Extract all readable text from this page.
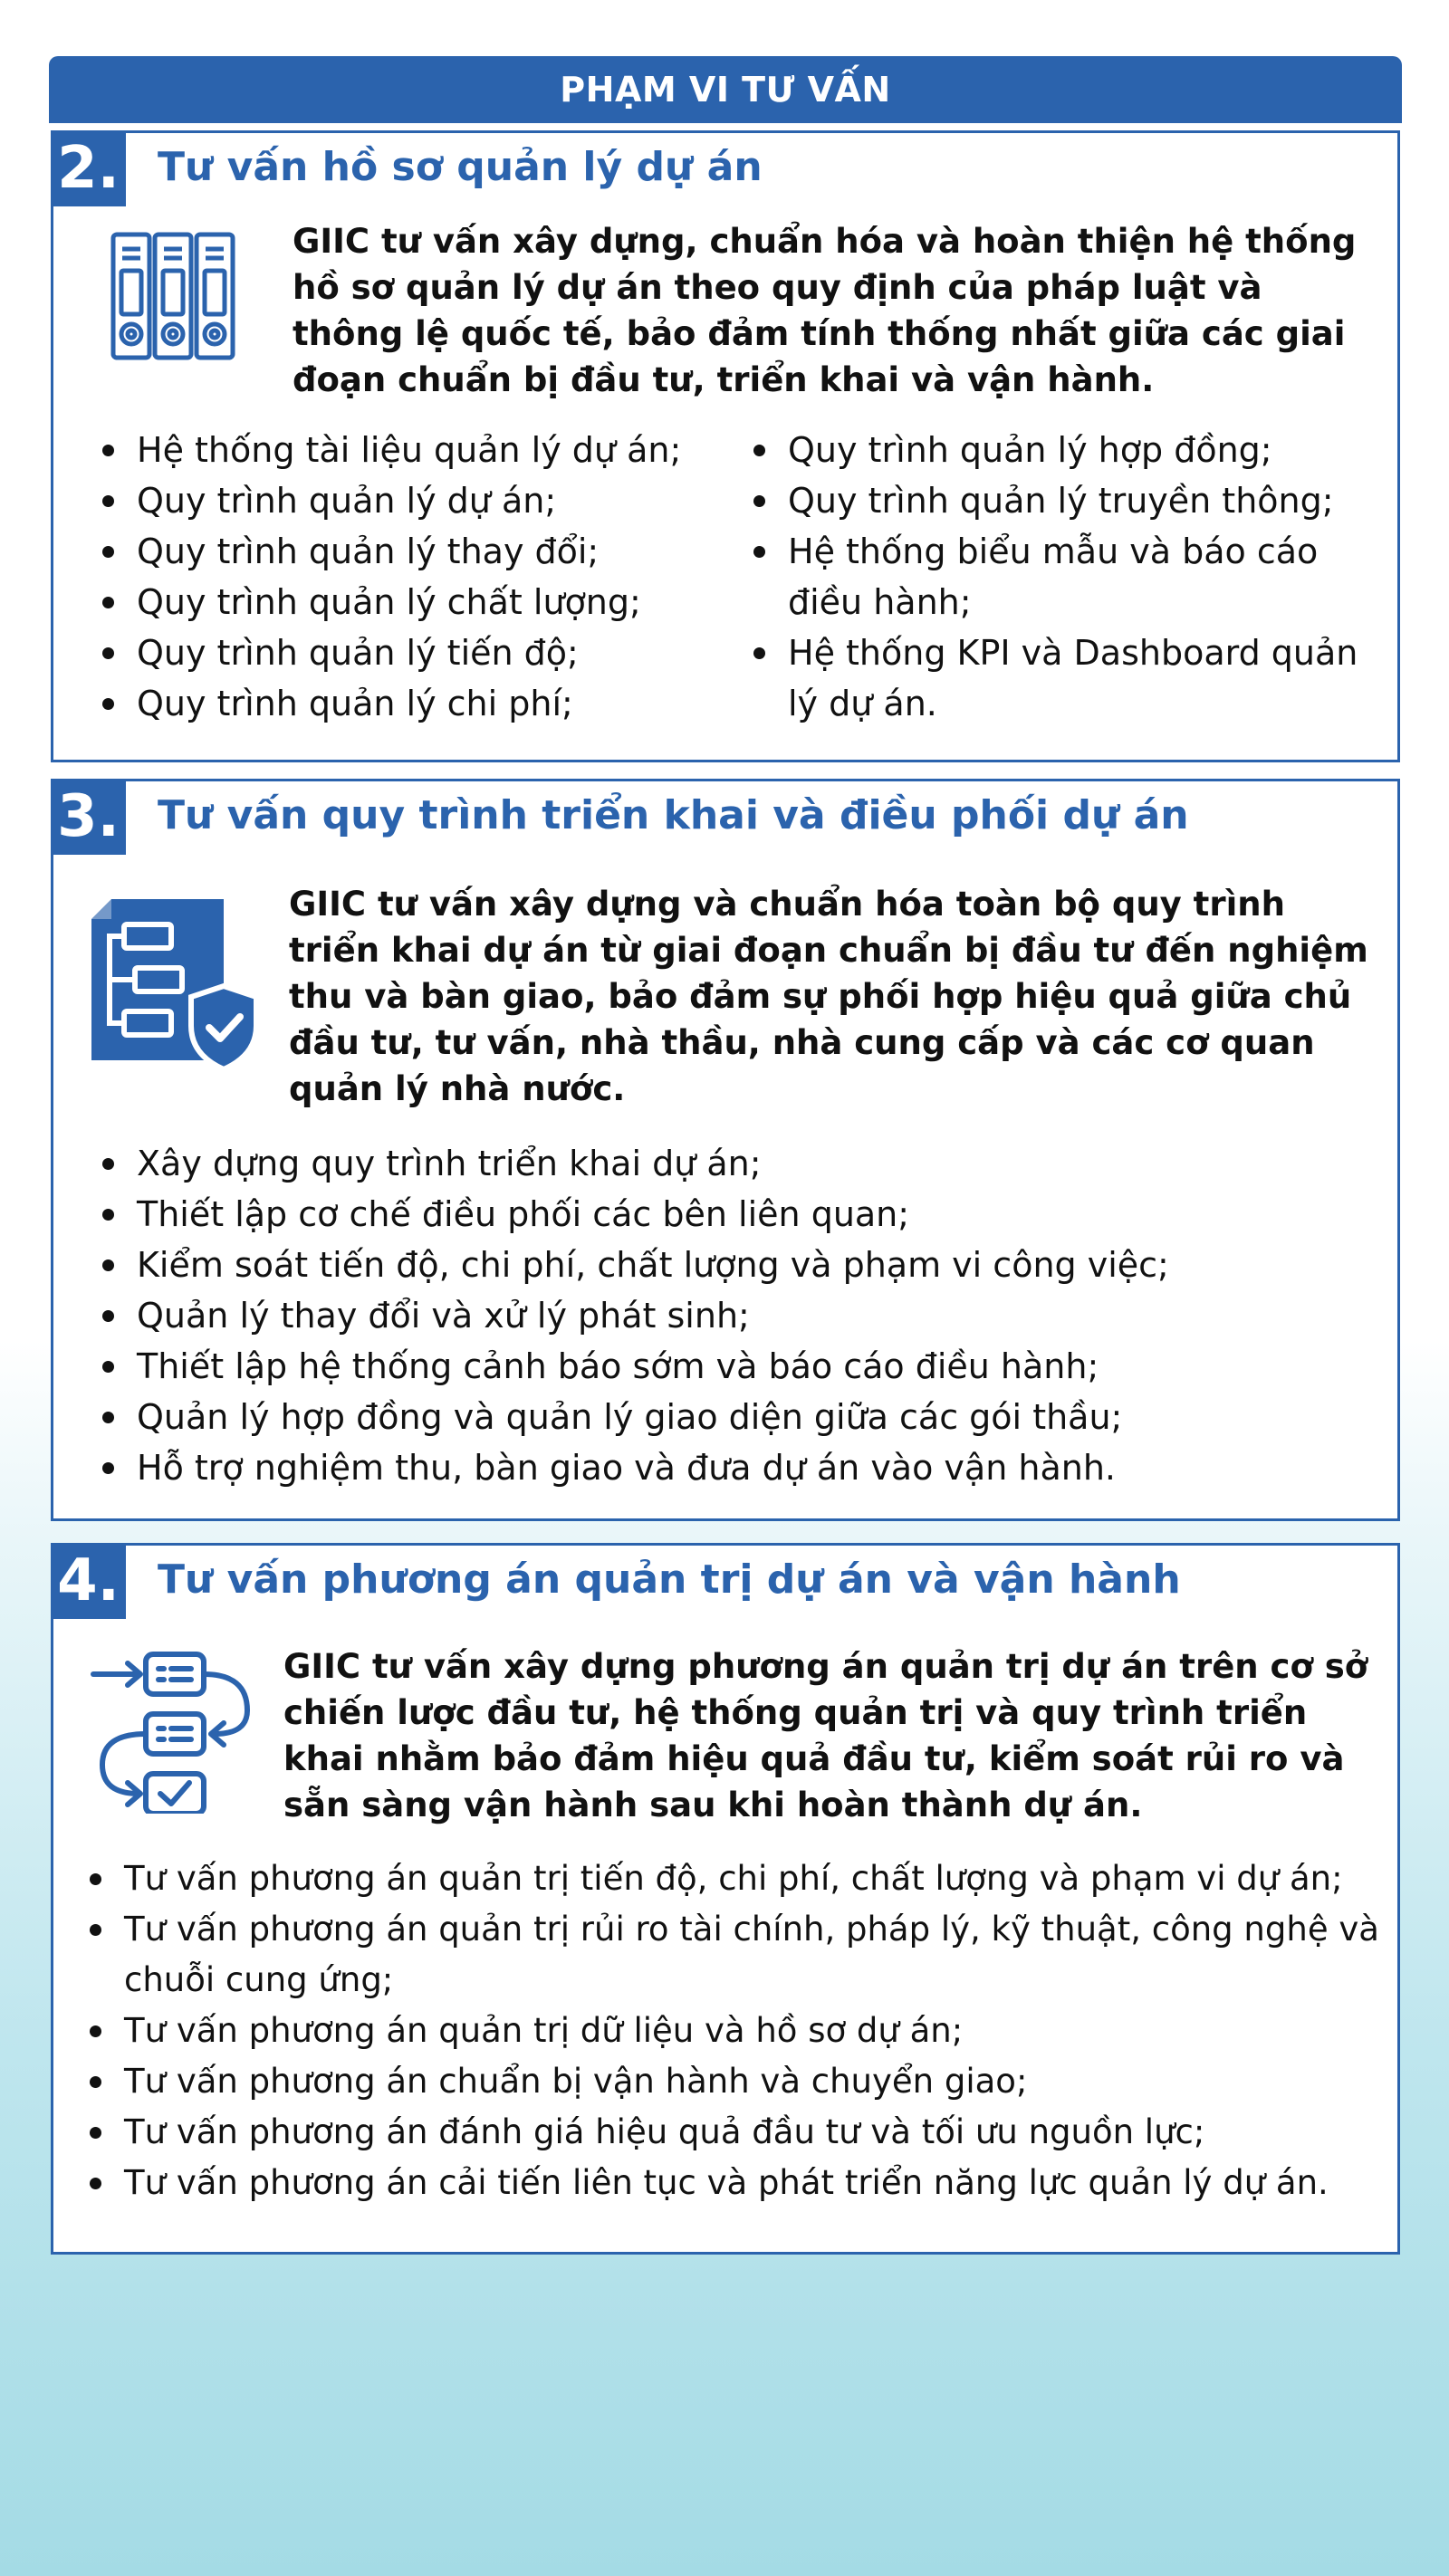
PHẠM VI TƯ VẤN
2. Tư vấn hồ sơ quản lý dự án
GIIC tư vấn xây dựng, chuẩn hóa và hoàn thiện hệ thống hồ sơ quản lý dự án theo quy định của pháp luật và thông lệ quốc tế, bảo đảm tính thống nhất giữa các giai đoạn chuẩn bị đầu tư, triển khai và vận hành.
Hệ thống tài liệu quản lý dự án;
Quy trình quản lý dự án;
Quy trình quản lý thay đổi;
Quy trình quản lý chất lượng;
Quy trình quản lý tiến độ;
Quy trình quản lý chi phí;
Quy trình quản lý hợp đồng;
Quy trình quản lý truyền thông;
Hệ thống biểu mẫu và báo cáo điều hành;
Hệ thống KPI và Dashboard quản lý dự án.
3. Tư vấn quy trình triển khai và điều phối dự án
GIIC tư vấn xây dựng và chuẩn hóa toàn bộ quy trình triển khai dự án từ giai đoạn chuẩn bị đầu tư đến nghiệm thu và bàn giao, bảo đảm sự phối hợp hiệu quả giữa chủ đầu tư, tư vấn, nhà thầu, nhà cung cấp và các cơ quan quản lý nhà nước.
Xây dựng quy trình triển khai dự án;
Thiết lập cơ chế điều phối các bên liên quan;
Kiểm soát tiến độ, chi phí, chất lượng và phạm vi công việc;
Quản lý thay đổi và xử lý phát sinh;
Thiết lập hệ thống cảnh báo sớm và báo cáo điều hành;
Quản lý hợp đồng và quản lý giao diện giữa các gói thầu;
Hỗ trợ nghiệm thu, bàn giao và đưa dự án vào vận hành.
4. Tư vấn phương án quản trị dự án và vận hành
GIIC tư vấn xây dựng phương án quản trị dự án trên cơ sở chiến lược đầu tư, hệ thống quản trị và quy trình triển khai nhằm bảo đảm hiệu quả đầu tư, kiểm soát rủi ro và sẵn sàng vận hành sau khi hoàn thành dự án.
Tư vấn phương án quản trị tiến độ, chi phí, chất lượng và phạm vi dự án;
Tư vấn phương án quản trị rủi ro tài chính, pháp lý, kỹ thuật, công nghệ và chuỗi cung ứng;
Tư vấn phương án quản trị dữ liệu và hồ sơ dự án;
Tư vấn phương án chuẩn bị vận hành và chuyển giao;
Tư vấn phương án đánh giá hiệu quả đầu tư và tối ưu nguồn lực;
Tư vấn phương án cải tiến liên tục và phát triển năng lực quản lý dự án.
